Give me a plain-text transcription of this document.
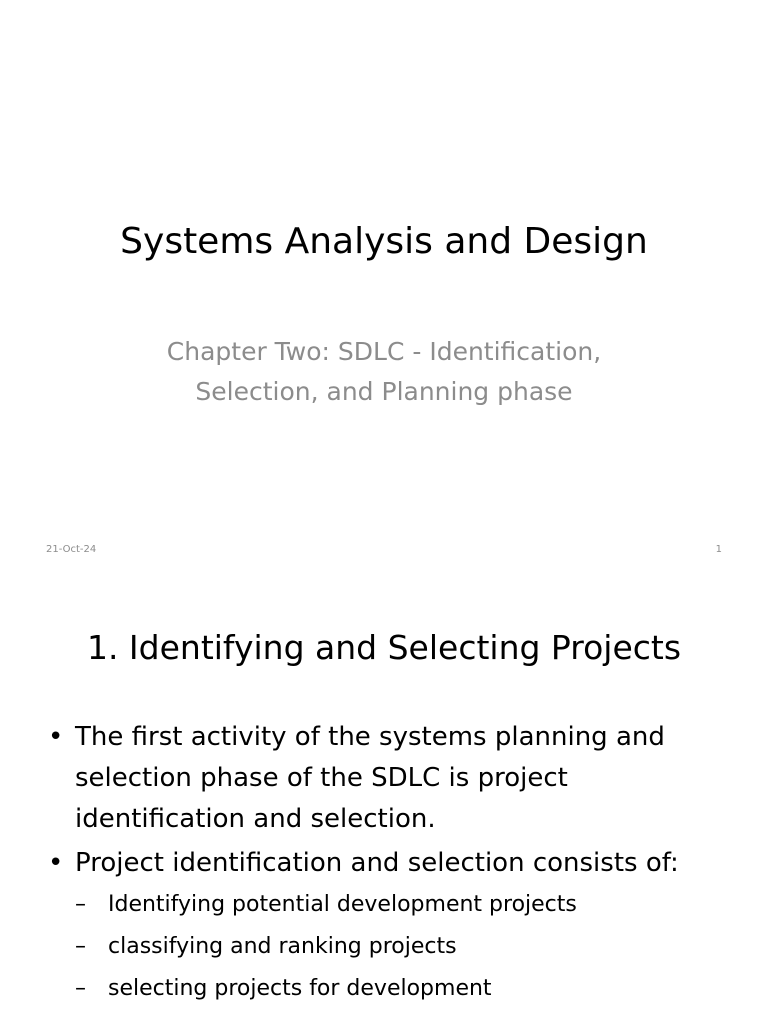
Systems Analysis and Design
Chapter Two: SDLC - Identification,
Selection, and Planning phase
21-Oct-24	1
1. Identifying and Selecting Projects
• The first activity of the systems planning and
selection phase of the SDLC is project
identification and selection.
• Project identification and selection consists of:
– Identifying potential development projects
– classifying and ranking projects
– selecting projects for development
